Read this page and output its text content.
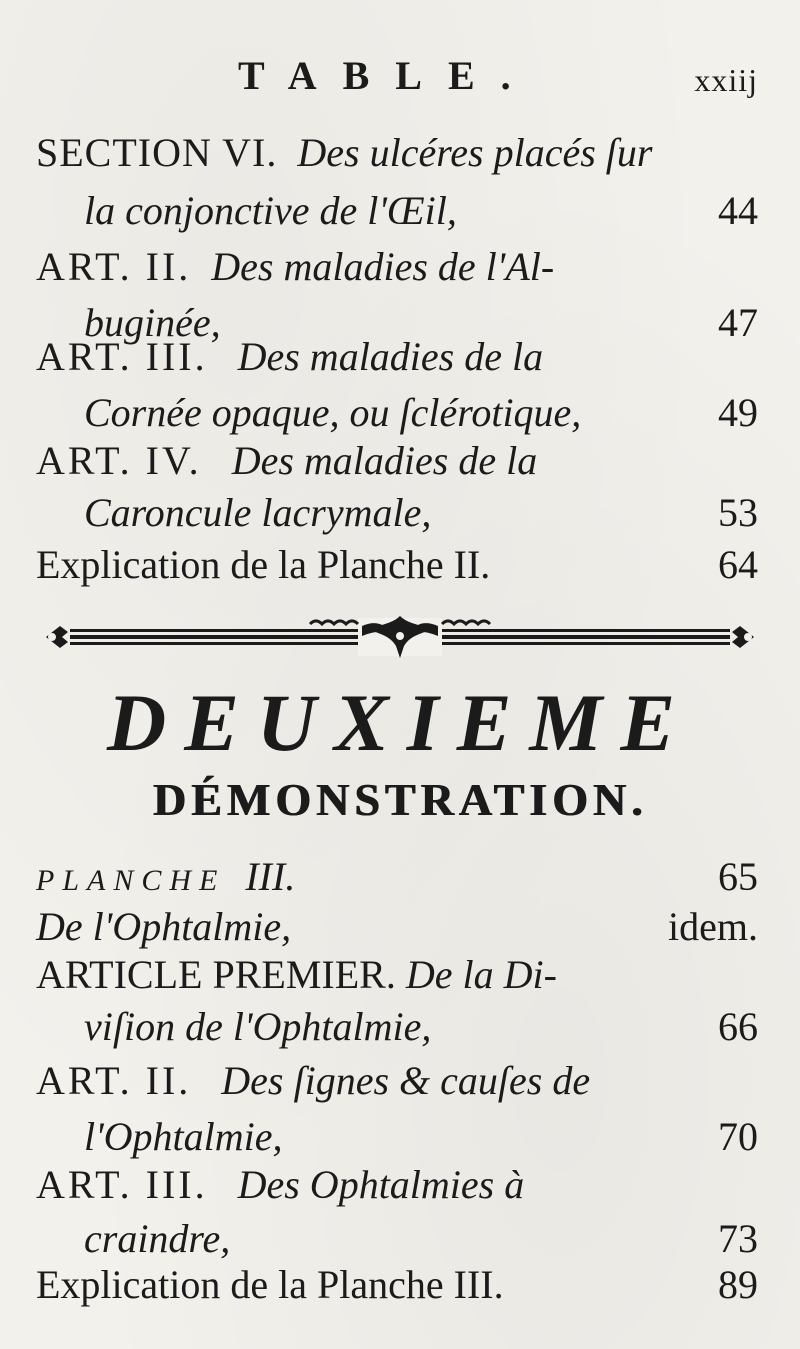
TABLE.	xxiij
SECTION VI. Des ulcéres placés ſur
la conjonctive de l'Œil,	44
ART. II. Des maladies de l'Al-
buginée,	47
ART. III. Des maladies de la
Cornée opaque, ou ſclérotique,	49
ART. IV. Des maladies de la
Caroncule lacrymale,	53
Explication de la Planche II.	64
DEUXIEME
DÉMONSTRATION.
PLANCHE III.	65
De l'Ophtalmie,	idem.
ARTICLE PREMIER. De la Di-
viſion de l'Ophtalmie,	66
ART. II. Des ſignes & cauſes de
l'Ophtalmie,	70
ART. III. Des Ophtalmies à
craindre,	73
Explication de la Planche III.	89
